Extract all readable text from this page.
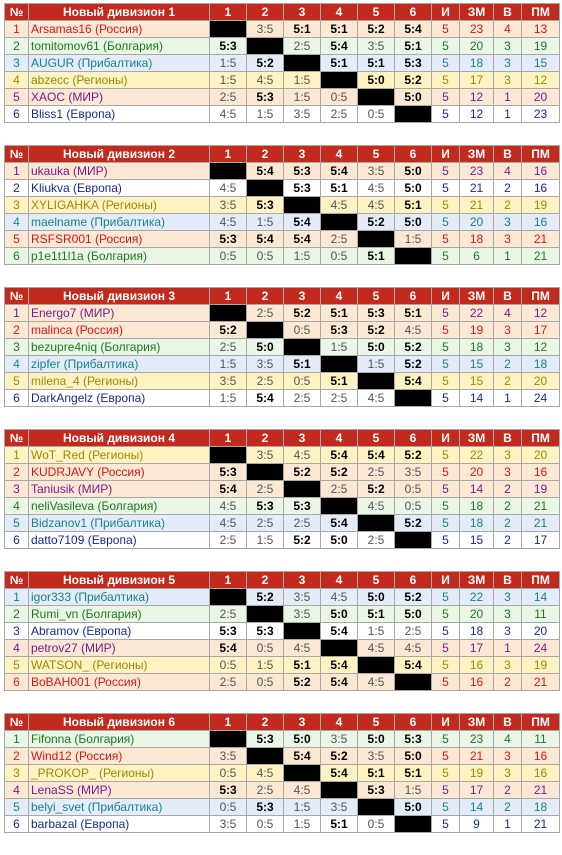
№	Новый дивизион 1	1	2	3	4	5	6	И	ЗМ	В	ПМ
1	Arsamas16 (Россия)		3:5	5:1	5:1	5:2	5:4	5	23	4	13
2	tomitomov61 (Болгария)	5:3		2:5	5:4	3:5	5:1	5	20	3	19
3	AUGUR (Прибалтика)	1:5	5:2		5:1	5:1	5:3	5	18	3	15
4	abzecc (Регионы)	1:5	4:5	1:5		5:0	5:2	5	17	3	12
5	XAOC (МИР)	2:5	5:3	1:5	0:5		5:0	5	12	1	20
6	Bliss1 (Европа)	4:5	1:5	3:5	2:5	0:5		5	12	1	23
№	Новый дивизион 2	1	2	3	4	5	6	И	ЗМ	В	ПМ
1	ukauka (МИР)		5:4	5:3	5:4	3:5	5:0	5	23	4	16
2	Kliukva (Европа)	4:5		5:3	5:1	4:5	5:0	5	21	2	16
3	XYLIGAHKA (Регионы)	3:5	5:3		4:5	4:5	5:1	5	21	2	19
4	maelname (Прибалтика)	4:5	1:5	5:4		5:2	5:0	5	20	3	16
5	RSFSR001 (Россия)	5:3	5:4	5:4	2:5		1:5	5	18	3	21
6	p1e1t1l1a (Болгария)	0:5	0:5	1:5	0:5	5:1		5	6	1	21
№	Новый дивизион 3	1	2	3	4	5	6	И	ЗМ	В	ПМ
1	Energo7 (МИР)		2:5	5:2	5:1	5:3	5:1	5	22	4	12
2	malinca (Россия)	5:2		0:5	5:3	5:2	4:5	5	19	3	17
3	bezupre4niq (Болгария)	2:5	5:0		1:5	5:0	5:2	5	18	3	12
4	zipfer (Прибалтика)	1:5	3:5	5:1		1:5	5:2	5	15	2	18
5	milena_4 (Регионы)	3:5	2:5	0:5	5:1		5:4	5	15	2	20
6	DarkAngelz (Европа)	1:5	5:4	2:5	2:5	4:5		5	14	1	24
№	Новый дивизион 4	1	2	3	4	5	6	И	ЗМ	В	ПМ
1	WoT_Red (Регионы)		3:5	4:5	5:4	5:4	5:2	5	22	3	20
2	KUDRJAVY (Россия)	5:3		5:2	5:2	2:5	3:5	5	20	3	16
3	Taniusik (МИР)	5:4	2:5		2:5	5:2	0:5	5	14	2	19
4	neliVasileva (Болгария)	4:5	5:3	5:3		4:5	0:5	5	18	2	21
5	Bidzanov1 (Прибалтика)	4:5	2:5	2:5	5:4		5:2	5	18	2	21
6	datto7109 (Европа)	2:5	1:5	5:2	5:0	2:5		5	15	2	17
№	Новый дивизион 5	1	2	3	4	5	6	И	ЗМ	В	ПМ
1	igor333 (Прибалтика)		5:2	3:5	4:5	5:0	5:2	5	22	3	14
2	Rumi_vn (Болгария)	2:5		3:5	5:0	5:1	5:0	5	20	3	11
3	Abramov (Европа)	5:3	5:3		5:4	1:5	2:5	5	18	3	20
4	petrov27 (МИР)	5:4	0:5	4:5		4:5	4:5	5	17	1	24
5	WATSON_ (Регионы)	0:5	1:5	5:1	5:4		5:4	5	16	3	19
6	BoBAH001 (Россия)	2:5	0:5	5:2	5:4	4:5		5	16	2	21
№	Новый дивизион 6	1	2	3	4	5	6	И	ЗМ	В	ПМ
1	Fifonna (Болгария)		5:3	5:0	3:5	5:0	5:3	5	23	4	11
2	Wind12 (Россия)	3:5		5:4	5:2	3:5	5:0	5	21	3	16
3	_PROKOP_ (Регионы)	0:5	4:5		5:4	5:1	5:1	5	19	3	16
4	LenaSS (МИР)	5:3	2:5	4:5		5:3	1:5	5	17	2	21
5	belyi_svet (Прибалтика)	0:5	5:3	1:5	3:5		5:0	5	14	2	18
6	barbazal (Европа)	3:5	0:5	1:5	5:1	0:5		5	9	1	21
